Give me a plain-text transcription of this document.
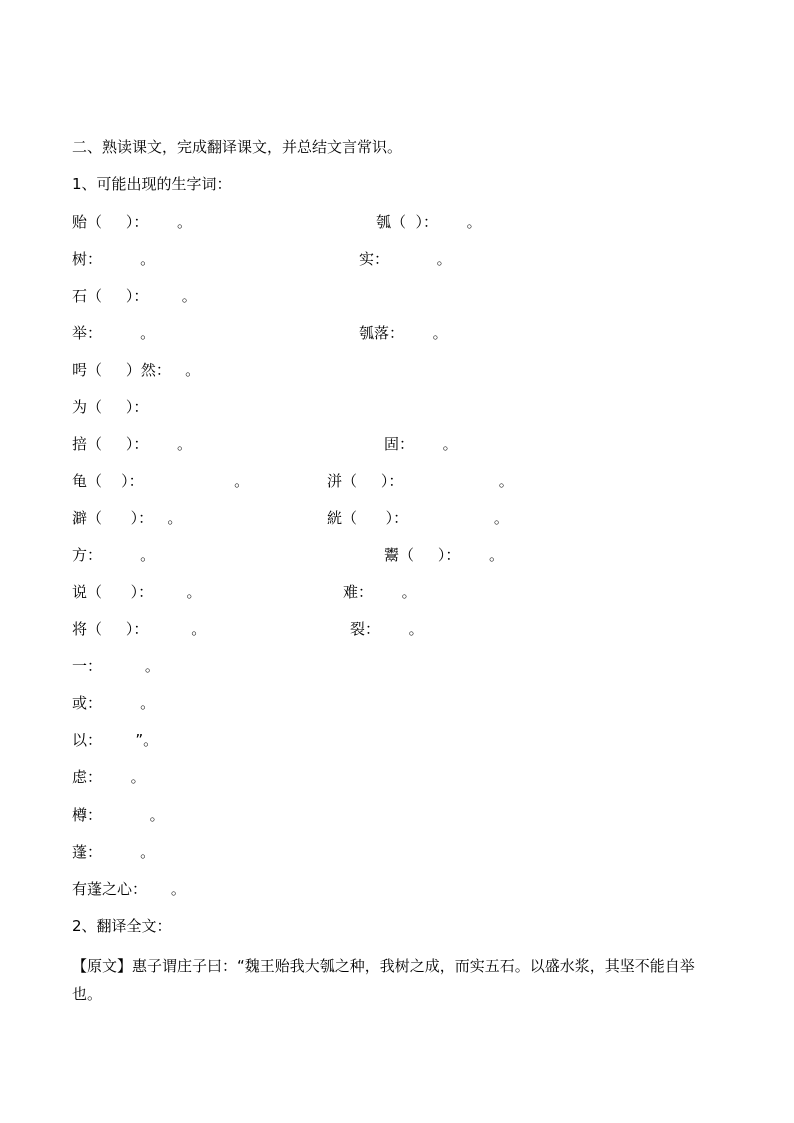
二、熟读课文，完成翻译课文，并总结文言常识。
1、可能出现的生字词：
贻（     ）：      。	瓠（  ）：      。
树：        。	实：          。
石（     ）：       。
举：        。	瓠落：      。
呺（     ）然：   。
为（     ）：
掊（     ）：      。	固：      。
龟（    ）：                   。	洴（     ）：                    。
澼（      ）：   。	絖（      ）：                  。
方：        。	鬻（     ）：      。
说（      ）：       。	难：      。
将（     ）：         。	裂：      。
一：         。
或：        。
以：       ”。
虑：      。
樽：          。
蓬：        。
有蓬之心：     。
2、翻译全文：
【原文】惠子谓庄子曰：“魏王贻我大瓠之种，我树之成，而实五石。以盛水浆，其坚不能自举也。
